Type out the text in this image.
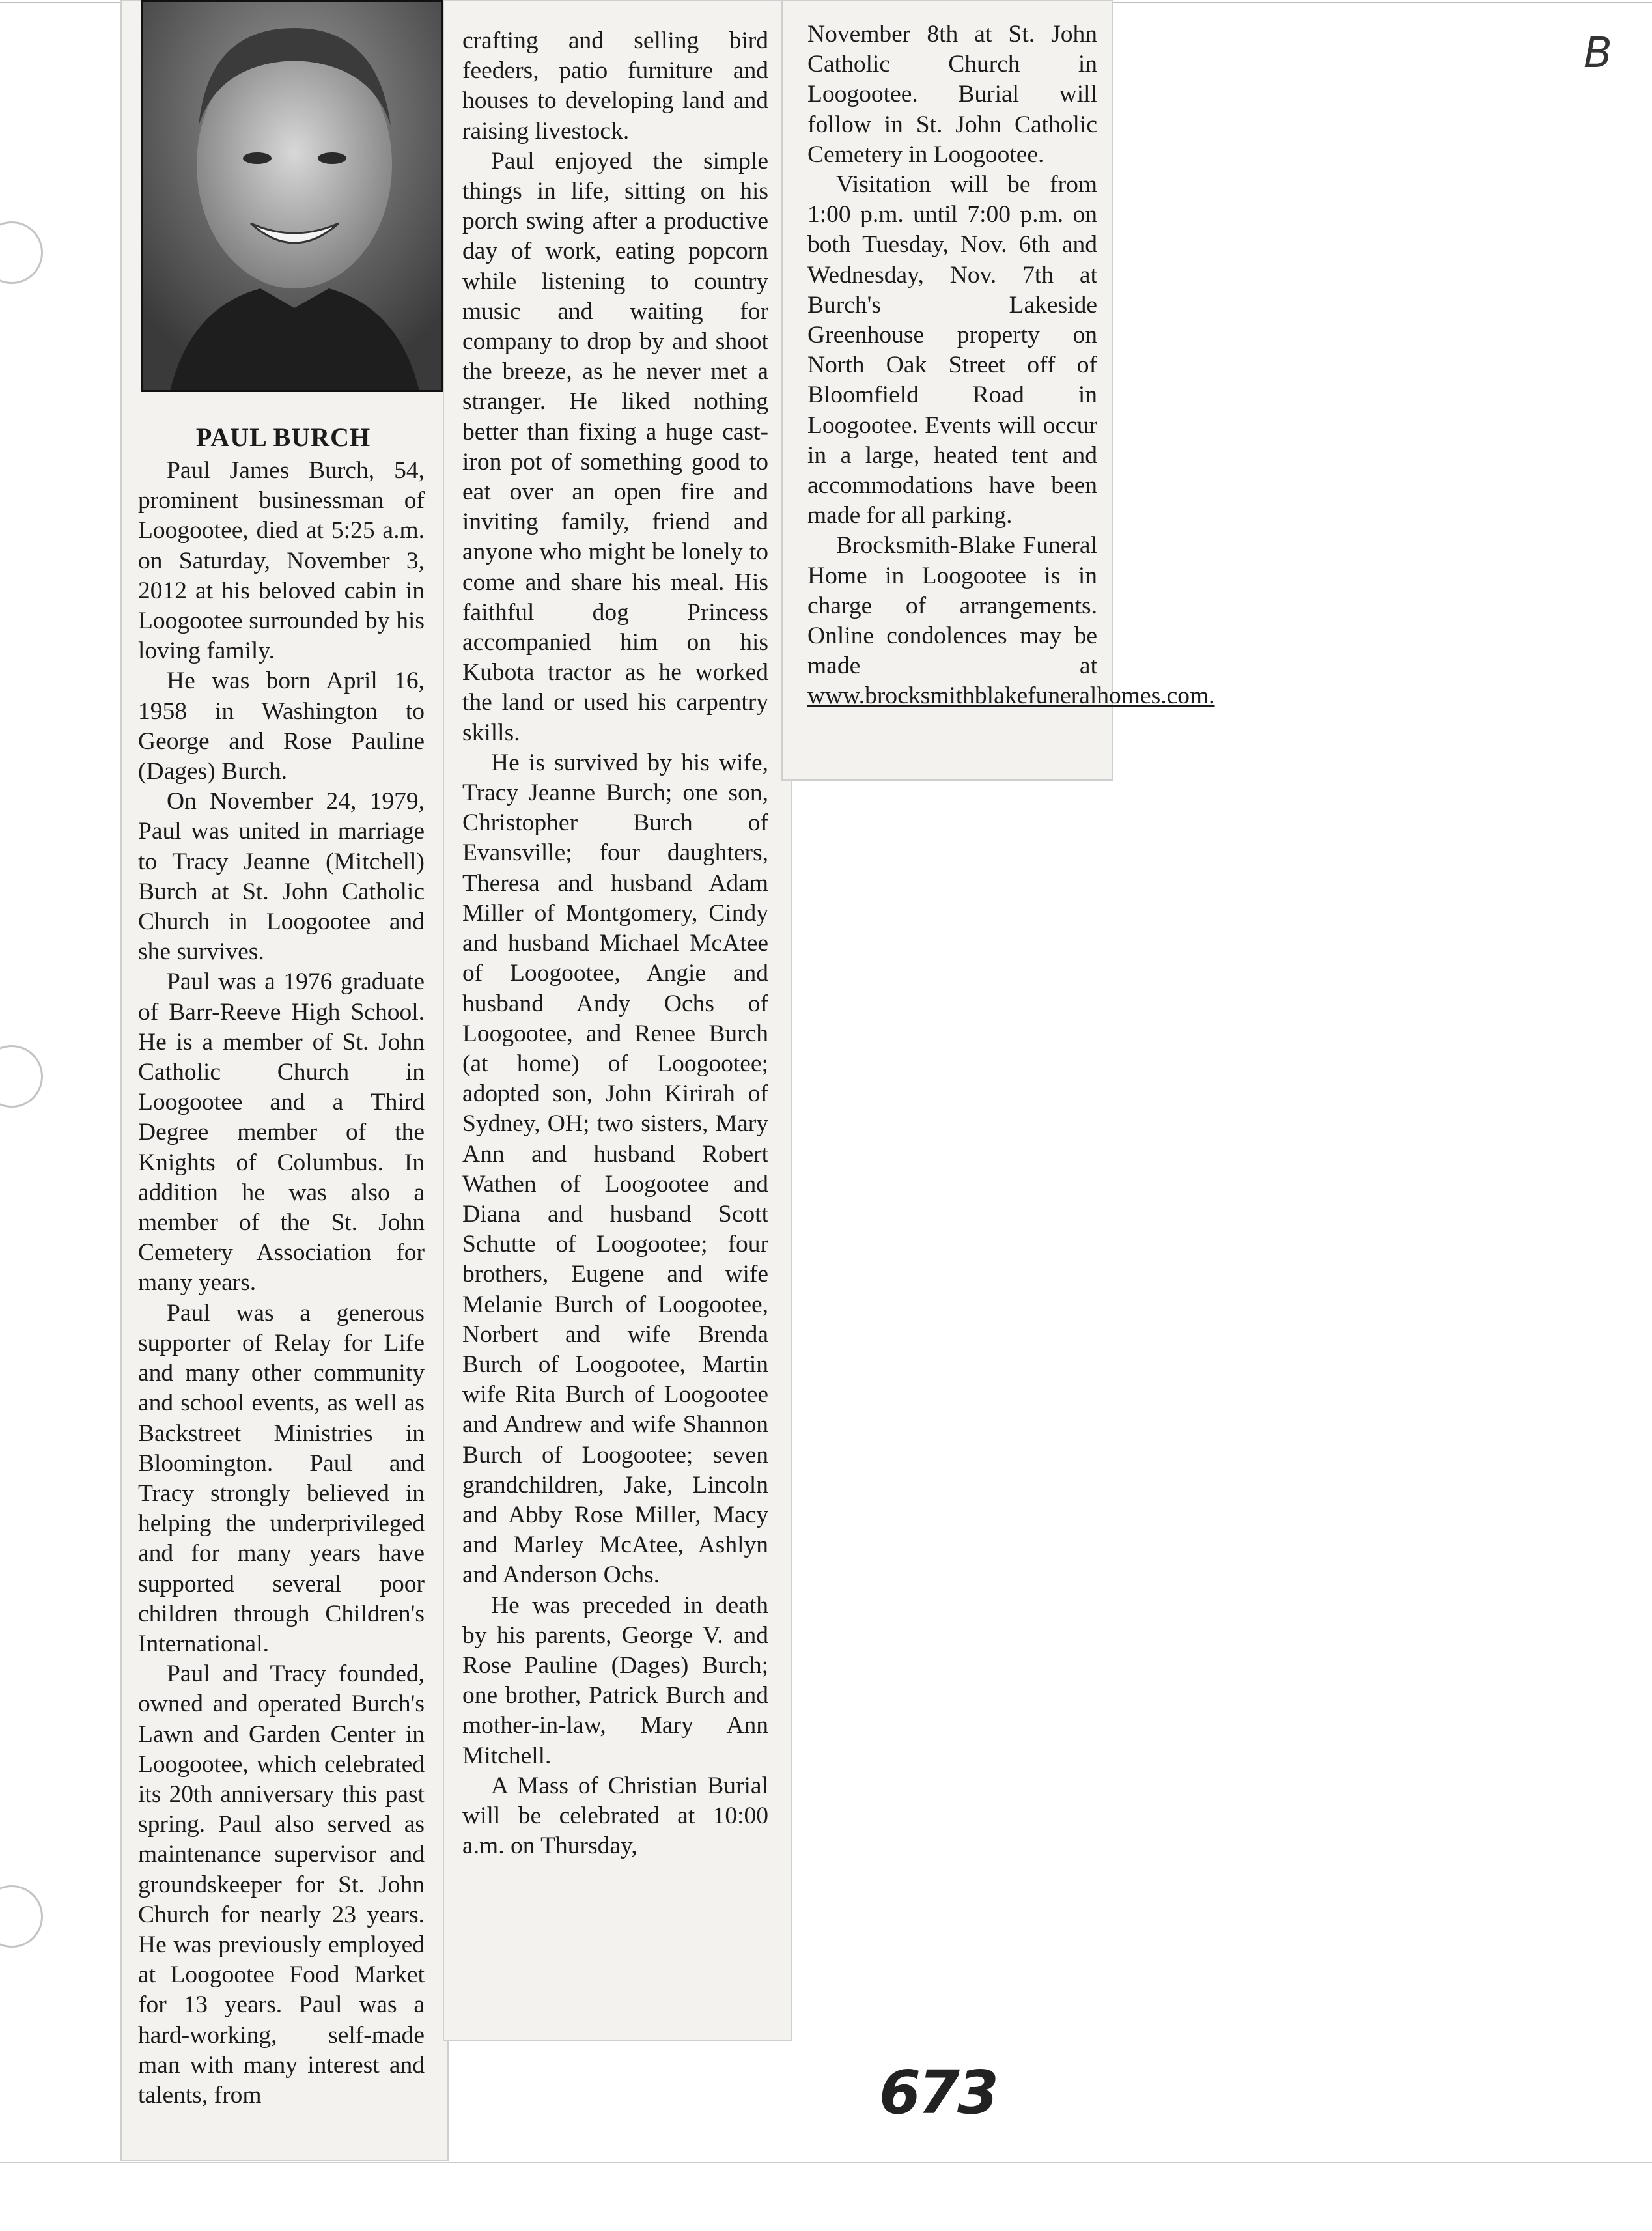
PAUL BURCH

Paul James Burch, 54, prominent businessman of Loogootee, died at 5:25 a.m. on Saturday, November 3, 2012 at his beloved cabin in Loogootee surrounded by his loving family.

He was born April 16, 1958 in Washington to George and Rose Pauline (Dages) Burch.

On November 24, 1979, Paul was united in marriage to Tracy Jeanne (Mitchell) Burch at St. John Catholic Church in Loogootee and she survives.

Paul was a 1976 graduate of Barr-Reeve High School. He is a member of St. John Catholic Church in Loogootee and a Third Degree member of the Knights of Columbus. In addition he was also a member of the St. John Cemetery Association for many years.

Paul was a generous supporter of Relay for Life and many other community and school events, as well as Backstreet Ministries in Bloomington. Paul and Tracy strongly believed in helping the underprivileged and for many years have supported several poor children through Children's International.

Paul and Tracy founded, owned and operated Burch's Lawn and Garden Center in Loogootee, which celebrated its 20th anniversary this past spring. Paul also served as maintenance supervisor and groundskeeper for St. John Church for nearly 23 years. He was previously employed at Loogootee Food Market for 13 years. Paul was a hard-working, self-made man with many interest and talents, from

crafting and selling bird feeders, patio furniture and houses to developing land and raising livestock.

Paul enjoyed the simple things in life, sitting on his porch swing after a productive day of work, eating popcorn while listening to country music and waiting for company to drop by and shoot the breeze, as he never met a stranger. He liked nothing better than fixing a huge cast-iron pot of something good to eat over an open fire and inviting family, friend and anyone who might be lonely to come and share his meal. His faithful dog Princess accompanied him on his Kubota tractor as he worked the land or used his carpentry skills.

He is survived by his wife, Tracy Jeanne Burch; one son, Christopher Burch of Evansville; four daughters, Theresa and husband Adam Miller of Montgomery, Cindy and husband Michael McAtee of Loogootee, Angie and husband Andy Ochs of Loogootee, and Renee Burch (at home) of Loogootee; adopted son, John Kirirah of Sydney, OH; two sisters, Mary Ann and husband Robert Wathen of Loogootee and Diana and husband Scott Schutte of Loogootee; four brothers, Eugene and wife Melanie Burch of Loogootee, Norbert and wife Brenda Burch of Loogootee, Martin wife Rita Burch of Loogootee and Andrew and wife Shannon Burch of Loogootee; seven grandchildren, Jake, Lincoln and Abby Rose Miller, Macy and Marley McAtee, Ashlyn and Anderson Ochs.

He was preceded in death by his parents, George V. and Rose Pauline (Dages) Burch; one brother, Patrick Burch and mother-in-law, Mary Ann Mitchell.

A Mass of Christian Burial will be celebrated at 10:00 a.m. on Thursday,

November 8th at St. John Catholic Church in Loogootee. Burial will follow in St. John Catholic Cemetery in Loogootee.

Visitation will be from 1:00 p.m. until 7:00 p.m. on both Tuesday, Nov. 6th and Wednesday, Nov. 7th at Burch's Lakeside Greenhouse property on North Oak Street off of Bloomfield Road in Loogootee. Events will occur in a large, heated tent and accommodations have been made for all parking.

Brocksmith-Blake Funeral Home in Loogootee is in charge of arrangements. Online condolences may be made at www.brocksmithblakefuneralhomes.com.

B
673
